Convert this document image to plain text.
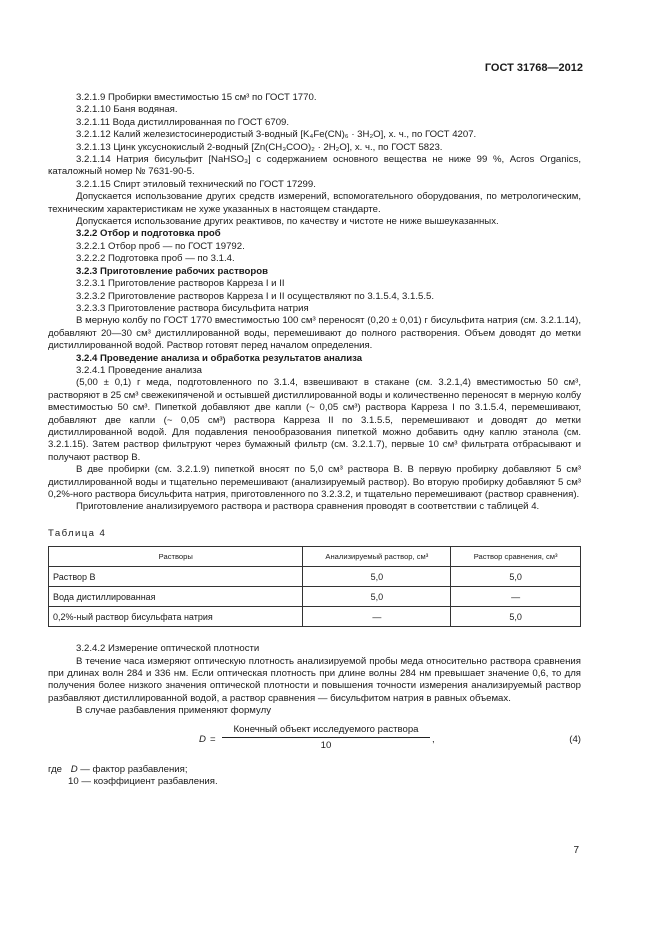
ГОСТ 31768—2012

3.2.1.9 Пробирки вместимостью 15 см³ по ГОСТ 1770.

3.2.1.10 Баня водяная.

3.2.1.11 Вода дистиллированная по ГОСТ 6709.

3.2.1.12 Калий железистосинеродистый 3-водный [K₄Fe(CN)₆ · 3H₂O], х. ч., по ГОСТ 4207.

3.2.1.13 Цинк уксуснокислый 2-водный [Zn(CH₃COO)₂ · 2H₂O], х. ч., по ГОСТ 5823.

3.2.1.14 Натрия бисульфит [NaHSO₃] с содержанием основного вещества не ниже 99 %, Acros Organics, каталожный номер № 7631-90-5.

3.2.1.15 Спирт этиловый технический по ГОСТ 17299.

Допускается использование других средств измерений, вспомогательного оборудования, по метрологическим, техническим характеристикам не хуже указанных в настоящем стандарте.

Допускается использование других реактивов, по качеству и чистоте не ниже вышеуказанных.

3.2.2 Отбор и подготовка проб

3.2.2.1 Отбор проб — по ГОСТ 19792.

3.2.2.2 Подготовка проб — по 3.1.4.

3.2.3 Приготовление рабочих растворов

3.2.3.1 Приготовление растворов Карреза I и II

3.2.3.2 Приготовление растворов Карреза I и II осуществляют по 3.1.5.4, 3.1.5.5.

3.2.3.3 Приготовление раствора бисульфита натрия

В мерную колбу по ГОСТ 1770 вместимостью 100 см³ переносят (0,20 ± 0,01) г бисульфита натрия (см. 3.2.1.14), добавляют 20—30 см³ дистиллированной воды, перемешивают до полного растворения. Объем доводят до метки дистиллированной водой. Раствор готовят перед началом определения.

3.2.4 Проведение анализа и обработка результатов анализа

3.2.4.1 Проведение анализа

(5,00 ± 0,1) г меда, подготовленного по 3.1.4, взвешивают в стакане (см. 3.2.1,4) вместимостью 50 см³, растворяют в 25 см³ свежекипяченой и остывшей дистиллированной воды и количественно переносят в мерную колбу вместимостью 50 см³. Пипеткой добавляют две капли (~ 0,05 см³) раствора Карреза I по 3.1.5.4, перемешивают, добавляют две капли (~ 0,05 см³) раствора Карреза II по 3.1.5.5, перемешивают и доводят до метки дистиллированной водой. Для подавления пенообразования пипеткой можно добавить одну каплю этанола (см. 3.2.1.15). Затем раствор фильтруют через бумажный фильтр (см. 3.2.1.7), первые 10 см³ фильтрата отбрасывают и получают раствор В.

В две пробирки (см. 3.2.1.9) пипеткой вносят по 5,0 см³ раствора В. В первую пробирку добавляют 5 см³ дистиллированной воды и тщательно перемешивают (анализируемый раствор). Во вторую пробирку добавляют 5 см³ 0,2%-ного раствора бисульфита натрия, приготовленного по 3.2.3.2, и тщательно перемешивают (раствор сравнения).

Приготовление анализируемого раствора и раствора сравнения проводят в соответствии с таблицей 4.

Таблица 4

Растворы	Анализируемый раствор, см³	Раствор сравнения, см³
Раствор В	5,0	5,0
Вода дистиллированная	5,0	—
0,2%-ный раствор бисульфата натрия	—	5,0

3.2.4.2 Измерение оптической плотности

В течение часа измеряют оптическую плотность анализируемой пробы меда относительно раствора сравнения при длинах волн 284 и 336 нм. Если оптическая плотность при длине волны 284 нм превышает значение 0,6, то для получения более низкого значения оптической плотности и повышения точности измерения анализируемый раствор разбавляют дистиллированной водой, а раствор сравнения — бисульфитом натрия в равных объемах.

В случае разбавления применяют формулу

D =
Конечный объект исследуемого раствора
10
,	(4)

где D — фактор разбавления;

10 — коэффициент разбавления.

7
